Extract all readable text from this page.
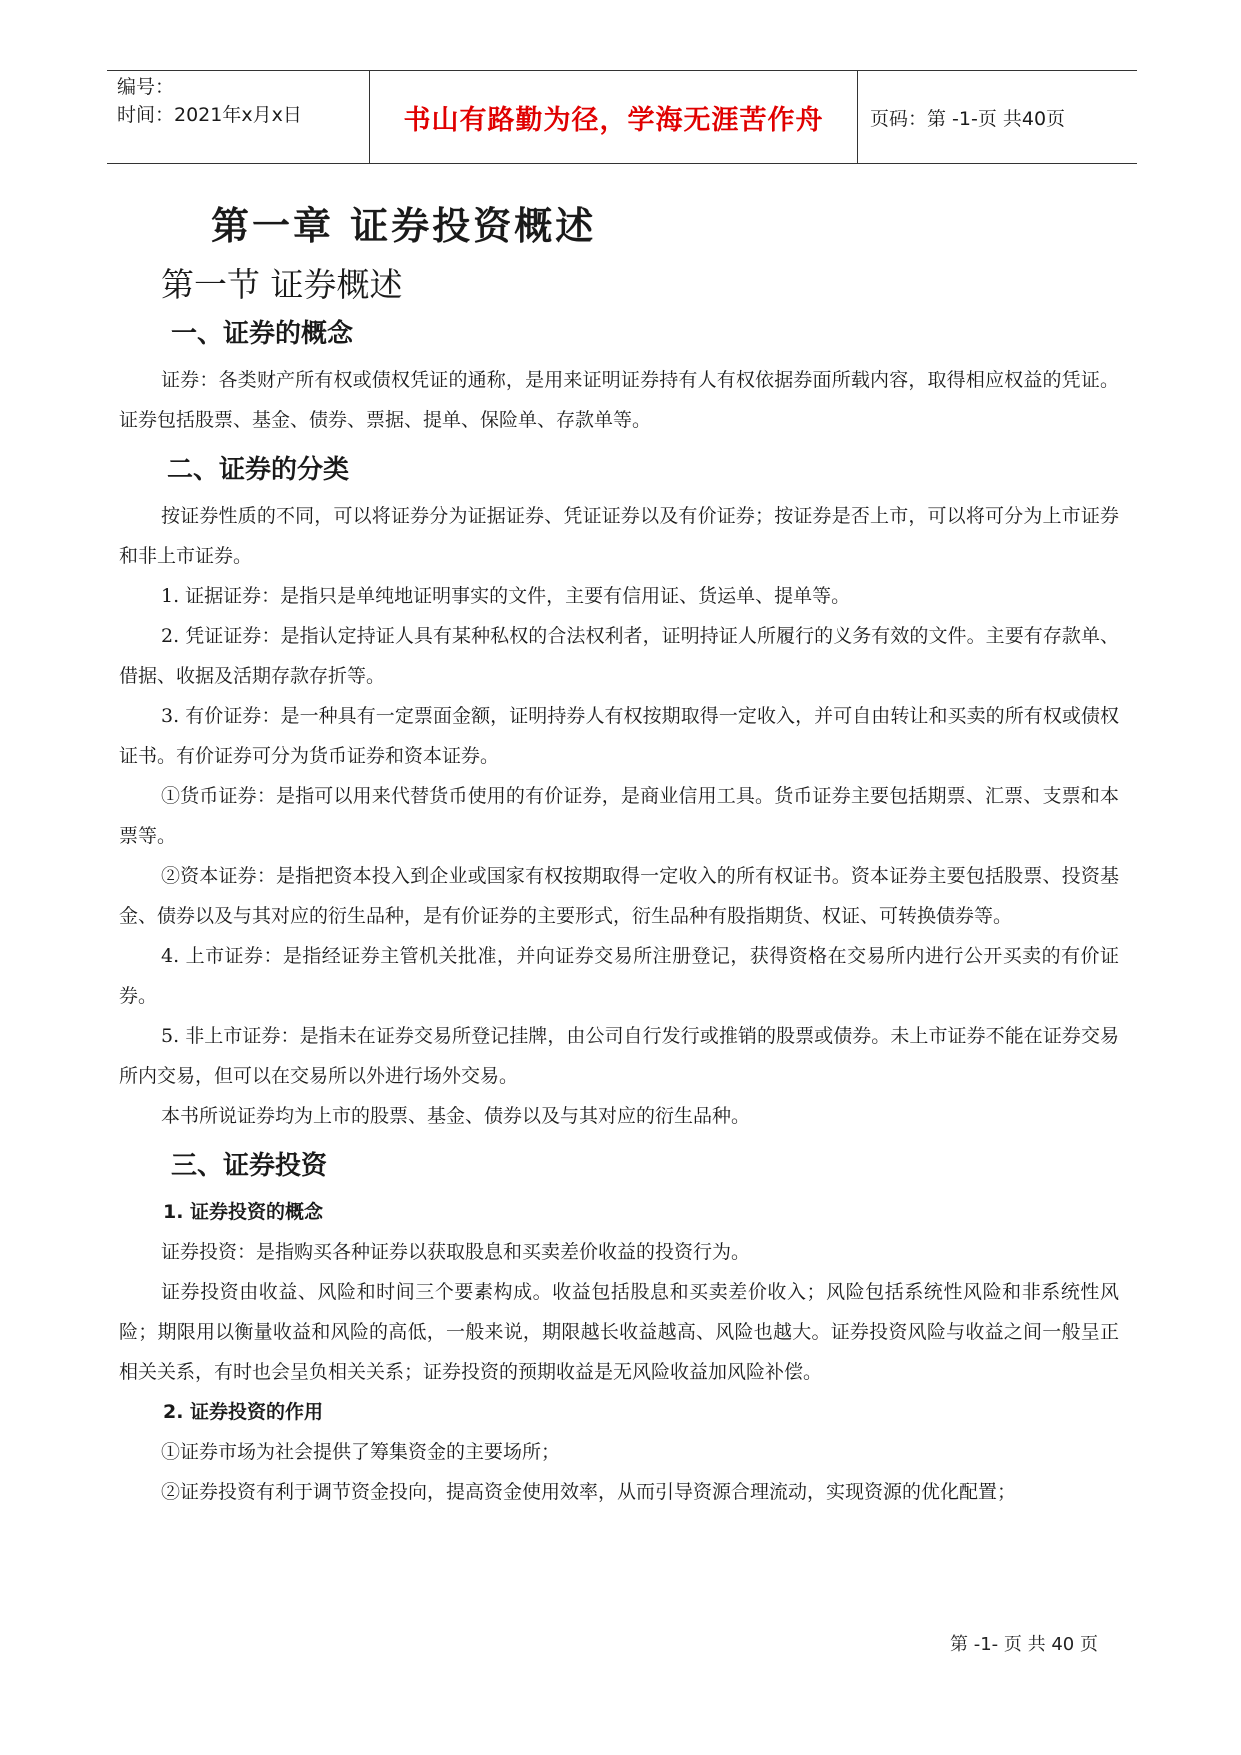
编号：
时间：2021年x月x日	书山有路勤为径，学海无涯苦作舟 页码：第 -1-页 共40页
第一章 证券投资概述
第一节 证券概述
一、证券的概念

证券：各类财产所有权或债权凭证的通称，是用来证明证券持有人有权依据券面所载内容，取得相应权益的凭证。证券包括股票、基金、债券、票据、提单、保险单、存款单等。

二、证券的分类

按证券性质的不同，可以将证券分为证据证券、凭证证券以及有价证券；按证券是否上市，可以将可分为上市证券和非上市证券。

1. 证据证券：是指只是单纯地证明事实的文件，主要有信用证、货运单、提单等。

2. 凭证证券：是指认定持证人具有某种私权的合法权利者，证明持证人所履行的义务有效的文件。主要有存款单、借据、收据及活期存款存折等。

3. 有价证券：是一种具有一定票面金额，证明持券人有权按期取得一定收入，并可自由转让和买卖的所有权或债权证书。有价证券可分为货币证券和资本证券。

①货币证券：是指可以用来代替货币使用的有价证券，是商业信用工具。货币证券主要包括期票、汇票、支票和本票等。

②资本证券：是指把资本投入到企业或国家有权按期取得一定收入的所有权证书。资本证券主要包括股票、投资基金、债券以及与其对应的衍生品种，是有价证券的主要形式，衍生品种有股指期货、权证、可转换债券等。

4. 上市证券：是指经证券主管机关批准，并向证券交易所注册登记，获得资格在交易所内进行公开买卖的有价证券。

5. 非上市证券：是指未在证券交易所登记挂牌，由公司自行发行或推销的股票或债券。未上市证券不能在证券交易所内交易，但可以在交易所以外进行场外交易。

本书所说证券均为上市的股票、基金、债券以及与其对应的衍生品种。

三、证券投资
1. 证券投资的概念

证券投资：是指购买各种证券以获取股息和买卖差价收益的投资行为。

证券投资由收益、风险和时间三个要素构成。收益包括股息和买卖差价收入；风险包括系统性风险和非系统性风险；期限用以衡量收益和风险的高低，一般来说，期限越长收益越高、风险也越大。证券投资风险与收益之间一般呈正相关关系，有时也会呈负相关关系；证券投资的预期收益是无风险收益加风险补偿。

2. 证券投资的作用

①证券市场为社会提供了筹集资金的主要场所；

②证券投资有利于调节资金投向，提高资金使用效率，从而引导资源合理流动，实现资源的优化配置；

第 -1- 页 共 40 页
